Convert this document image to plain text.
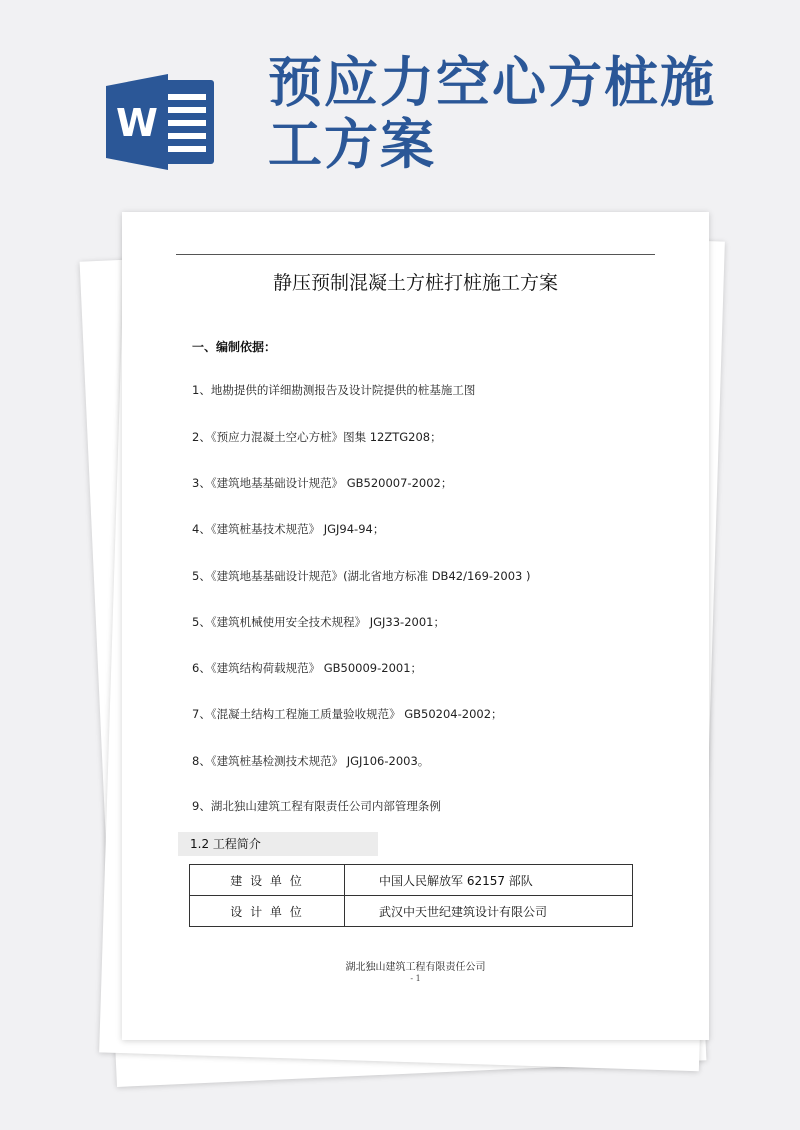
W
预应力空心方桩施
工方案
静压预制混凝土方桩打桩施工方案
一、编制依据：
1、地勘提供的详细勘测报告及设计院提供的桩基施工图
2、《预应力混凝土空心方桩》图集 12ZTG208；
3、《建筑地基基础设计规范》 GB520007-2002；
4、《建筑桩基技术规范》 JGJ94-94；
5、《建筑地基基础设计规范》(湖北省地方标准 DB42/169-2003 )
5、《建筑机械使用安全技术规程》 JGJ33-2001；
6、《建筑结构荷载规范》 GB50009-2001；
7、《混凝土结构工程施工质量验收规范》 GB50204-2002；
8、《建筑桩基检测技术规范》 JGJ106-2003。
9、湖北独山建筑工程有限责任公司内部管理条例
1.2 工程简介
建 设 单 位	中国人民解放军 62157 部队
设 计 单 位	武汉中天世纪建筑设计有限公司
湖北独山建筑工程有限责任公司
- 1
